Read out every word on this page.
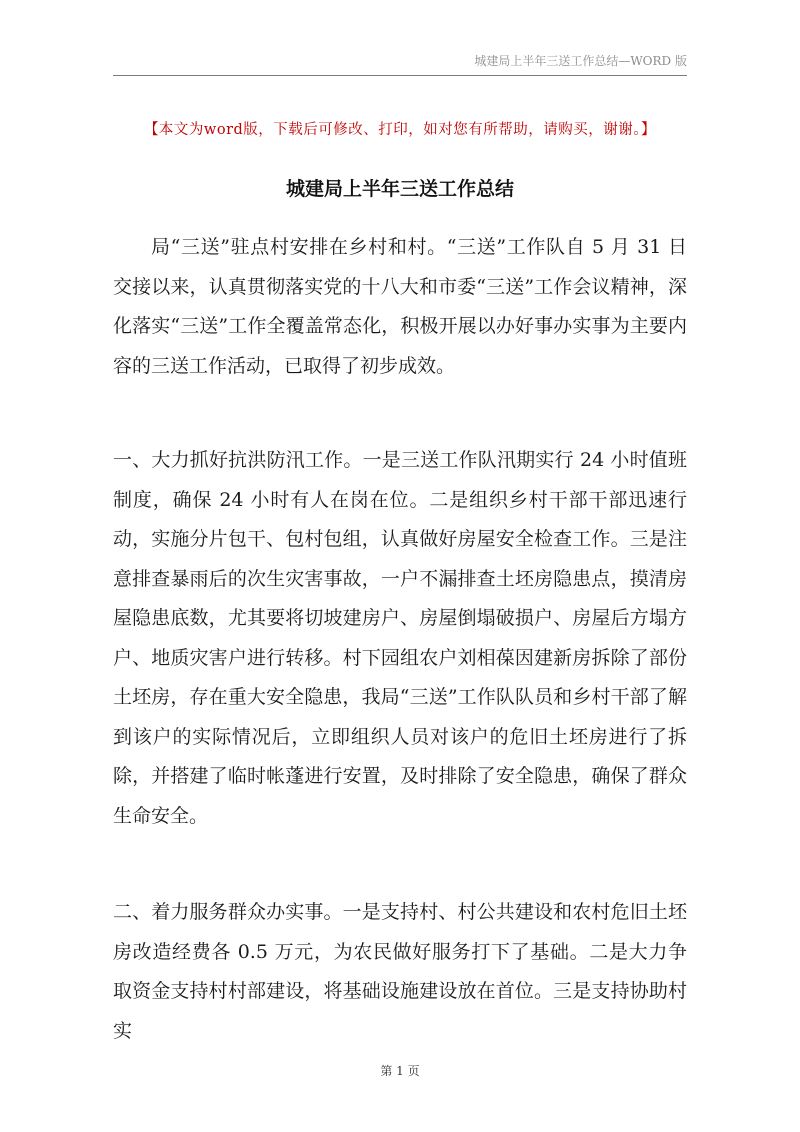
城建局上半年三送工作总结—WORD 版
【本文为word版，下载后可修改、打印，如对您有所帮助，请购买，谢谢。】
城建局上半年三送工作总结
局“三送”驻点村安排在乡村和村。“三送”工作队自 5 月 31 日交接以来，认真贯彻落实党的十八大和市委“三送”工作会议精神，深化落实“三送”工作全覆盖常态化，积极开展以办好事办实事为主要内容的三送工作活动，已取得了初步成效。
一、大力抓好抗洪防汛工作。一是三送工作队汛期实行 24 小时值班制度，确保 24 小时有人在岗在位。二是组织乡村干部干部迅速行动，实施分片包干、包村包组，认真做好房屋安全检查工作。三是注意排查暴雨后的次生灾害事故，一户不漏排查土坯房隐患点，摸清房屋隐患底数，尤其要将切坡建房户、房屋倒塌破损户、房屋后方塌方户、地质灾害户进行转移。村下园组农户刘相葆因建新房拆除了部份土坯房，存在重大安全隐患，我局“三送”工作队队员和乡村干部了解到该户的实际情况后，立即组织人员对该户的危旧土坯房进行了拆除，并搭建了临时帐蓬进行安置，及时排除了安全隐患，确保了群众生命安全。
二、着力服务群众办实事。一是支持村、村公共建设和农村危旧土坯房改造经费各 0.5 万元，为农民做好服务打下了基础。二是大力争取资金支持村村部建设，将基础设施建设放在首位。三是支持协助村实
第 1 页
